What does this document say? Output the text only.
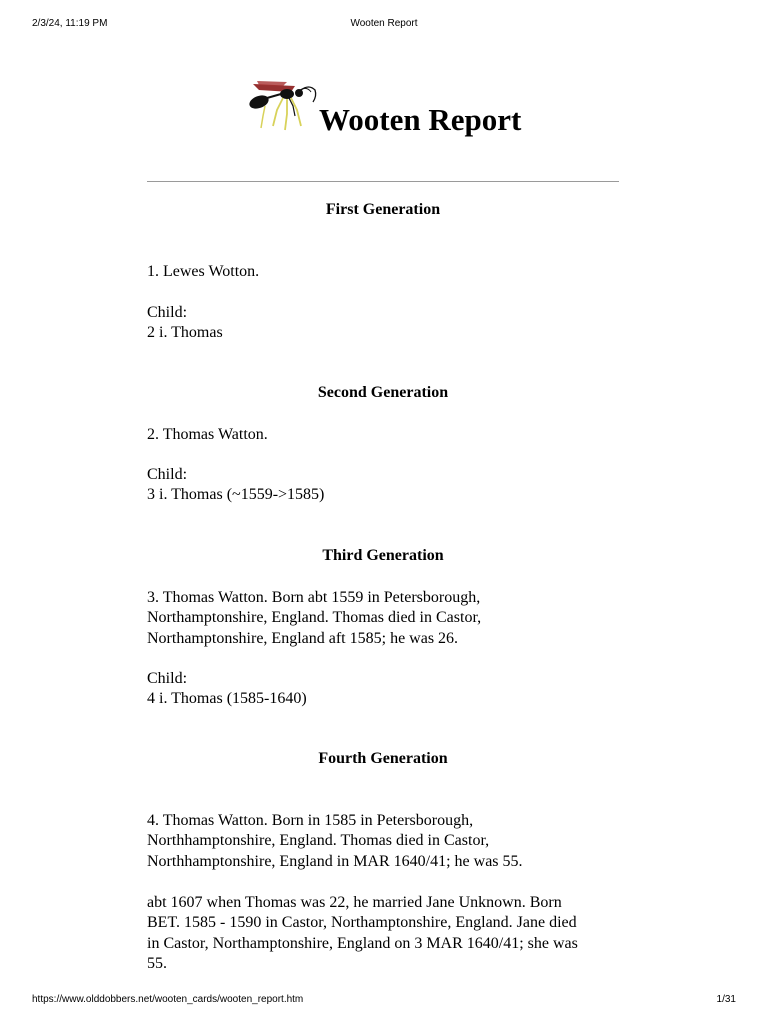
2/3/24, 11:19 PM	Wooten Report
Wooten Report
First Generation
1. Lewes Wotton.
Child:
2 i. Thomas
Second Generation
2. Thomas Watton.
Child:
3 i. Thomas (~1559->1585)
Third Generation
3. Thomas Watton. Born abt 1559 in Petersborough,
Northamptonshire, England. Thomas died in Castor,
Northamptonshire, England aft 1585; he was 26.
Child:
4 i. Thomas (1585-1640)
Fourth Generation
4. Thomas Watton. Born in 1585 in Petersborough,
Northhamptonshire, England. Thomas died in Castor,
Northhamptonshire, England in MAR 1640/41; he was 55.
abt 1607 when Thomas was 22, he married Jane Unknown. Born
BET. 1585 - 1590 in Castor, Northamptonshire, England. Jane died
in Castor, Northamptonshire, England on 3 MAR 1640/41; she was
55.
https://www.olddobbers.net/wooten_cards/wooten_report.htm	1/31
